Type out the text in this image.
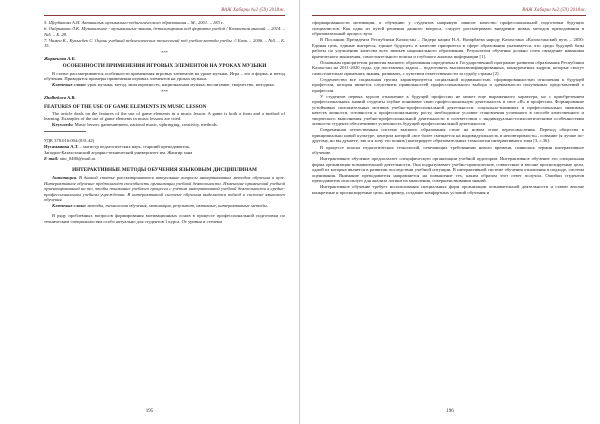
ВАЖ Хабарш №2 (59) 2018ж.

5. Щербакова А.И. Актакалык музыкально-педагогического образования – М., 2001. – 183 с.

6. Ондрыкова Л.К. Музыкальное - музыкальные знания, детализирован под формата учебой / Казахстан мнений. – 2014. – №5. – Б. 28.

7. Чимен К., Кукысбек С. Оцень учебный педагогических технологий под учебно-методи учебы. // Бизн. – 2006. – №5. – Б. 15.

***

Жаркенова А.Б.

ОСОБЕННОСТИ ПРИМЕНЕНИЯ ИГРОВЫХ ЭЛЕМЕНТОВ НА УРОКАХ МУЗЫКИ

В статье рассматриваются особенности применения игровых элементов на уроке музыки. Игра – это и форма, и метод обучения. Приводятся примеры применения игровых элементов на уроках музыки.

Ключевые слова: урок музыки, метод, многократность, национальная музыка, воспитание, творчество, методика.

***

Zhalbekova A.B.

FEATURES OF THE USE OF GAME ELEMENTS IN MUSIC LESSON

The article deals on the features of the use of game elements in a music lesson. A game is both a form and a method of learning. Examples of the use of game elements in music lessons are cited.

Keywords: Music lesson, gamesumment, national music, upbringing, creativity, methods.

УДК 378.016:004:(031.42)

Нусаманова А.Т. – магистр педагогических наук, старший преподаватель,

Западно-Казахстанский аграрно-технический университет им. Жангир хана

E-mail: aitu_0480@mail.ru

ИНТЕРАКТИВНЫЕ МЕТОДЫ ОБУЧЕНИЯ ЯЗЫКОВЫМ ДИСЦИПЛИНАМ

Аннотация. В данной статье рассматриваются актуальные вопросы интерактивных методов обучения в вузе. Интерактивное обучение предполагает способность организации учебной деятельности. Изменение применений учебной ориентированный на то, чтобы понимание учебного процесса с учётом интерактивной учебной деятельности в средне-профессиональном учебном учреждении. В интерактивной системе обучения выделяется подход к системе языкового обучения.

Ключевые слова: методы, технология обучения, мотивация, результат, активные, интерактивные методы.

В ряду проблемных вопросов формирования мотивационных основ в процессе профессиональной подготовки по техническим специальностям особо актуально для студентов 1 курса. От уровня и степени

195
ВАЖ Хабарш №2 (59) 2018ж.

сформированности мотивации, к обучению у студентов напрямую зависит качество профессиональной подготовки будущих специалистов. Как один из путей решения данного вопроса, следует рассматривать внедрение новых методов преподавания в образовательный процесс вуза.

В Послании Президента Республики Казахстан – Лидера нации Н.А. Назарбаева народу Казахстана «Казахстанский путь – 2050: Единая цель, единые интересы, единое будущее» в качестве приоритета в сфере образования указывается, что среди будущей базы работы по улучшению качества всех звеньев национального образования. Результатом обучения должно стать овладение навыками критического мышления, самостоятельного поиска и глубокого анализа информации [1].

Основным приоритетом развития высшего образования определены в Государственной программе развития образования Республики Казахстан на 2011-2020 годы, где поставлена задача – подготовить высококвалифицированных, конкурентных кадров, которые смогут самостоятельно применять знания, развивать, с чувством ответственности за судьбу страны [2].

Студенчество все социальная группа характеризуется социальной подвижностью, сформированностью отношения к будущей профессии, которая является следствием правильностей профессионального выбора и адекватности полученных представлений о профессии.

У студентов первых курсов отношение к будущей профессии не может еще выраженного характера, но с приобретением профессиональных знаний студенты глубже понимают свою профессиональную деятельность и свое «Я» в профессии. Формирование устойчивых положительных мотивов учебно-профессиональной деятельности, социально-значимых и профессионально значимых качеств личности, готовности к профессиональному росту, необходимое условие становления успешного в способе качественного и творческого выполнения учебно-профессиональной деятельности в соответствии с индивидуально-психологическими особенностями личности студента обеспечивают успешность будущей профессиональной деятельности.

Современная отечественная система высшего образования стоит на новом этапе переосмысления. Переход общества к принципиально новой культуре, центром которой «все более смещается на индивидуальность и неповторимость», созвание (я лучше по-другому, но вы думаете, так и я хочу это понять) интегрирует образовательных технологии интерактивного типа [3, с.36].

В процессе поиска педагогических технологий, отвечающих требованиям нового времени, появилась термин интерактивное обучение.

Интерактивное обучение предполагает специфическую организации учебной аудитории. Интерактивное обучение это специальная форма организации познавательной деятельности. Она подразумевает учебно-практические, совместные и вполне прогнозируемые цели, одной из которых является в развитии последствии учебной ситуации. В интерактивной системе обучения отношения в подходе, система оценивания. Внимание преподавателя направляется на повышение тех, каким образом этот ответ получил. Ошибки студентов преподаватель использует для анализа логики их мышления, совершенствования знаний.

Интерактивное обучение требует использования специальных форм организации познавательной деятельности и ставит вполне конкретные и прогнозируемые цели, например, создание комфортных условий обучения и

196
